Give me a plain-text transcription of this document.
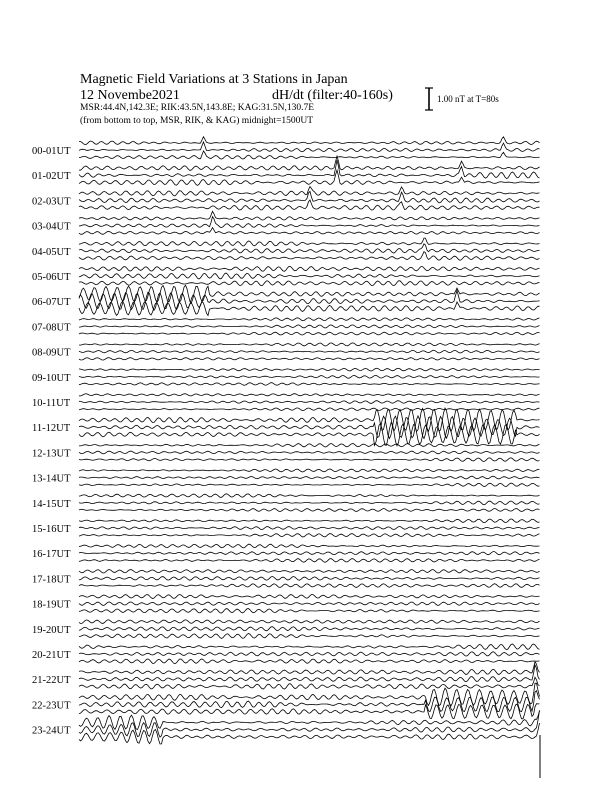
Magnetic Field Variations at 3 Stations in Japan
12 Novembe2021	dH/dt (filter:40-160s)
MSR:44.4N,142.3E; RIK:43.5N,143.8E; KAG:31.5N,130.7E
(from bottom to top, MSR, RIK, & KAG) midnight=1500UT
1.00 nT at T=80s
00-01UT
01-02UT
02-03UT
03-04UT
04-05UT
05-06UT
06-07UT
07-08UT
08-09UT
09-10UT
10-11UT
11-12UT
12-13UT
13-14UT
14-15UT
15-16UT
16-17UT
17-18UT
18-19UT
19-20UT
20-21UT
21-22UT
22-23UT
23-24UT
